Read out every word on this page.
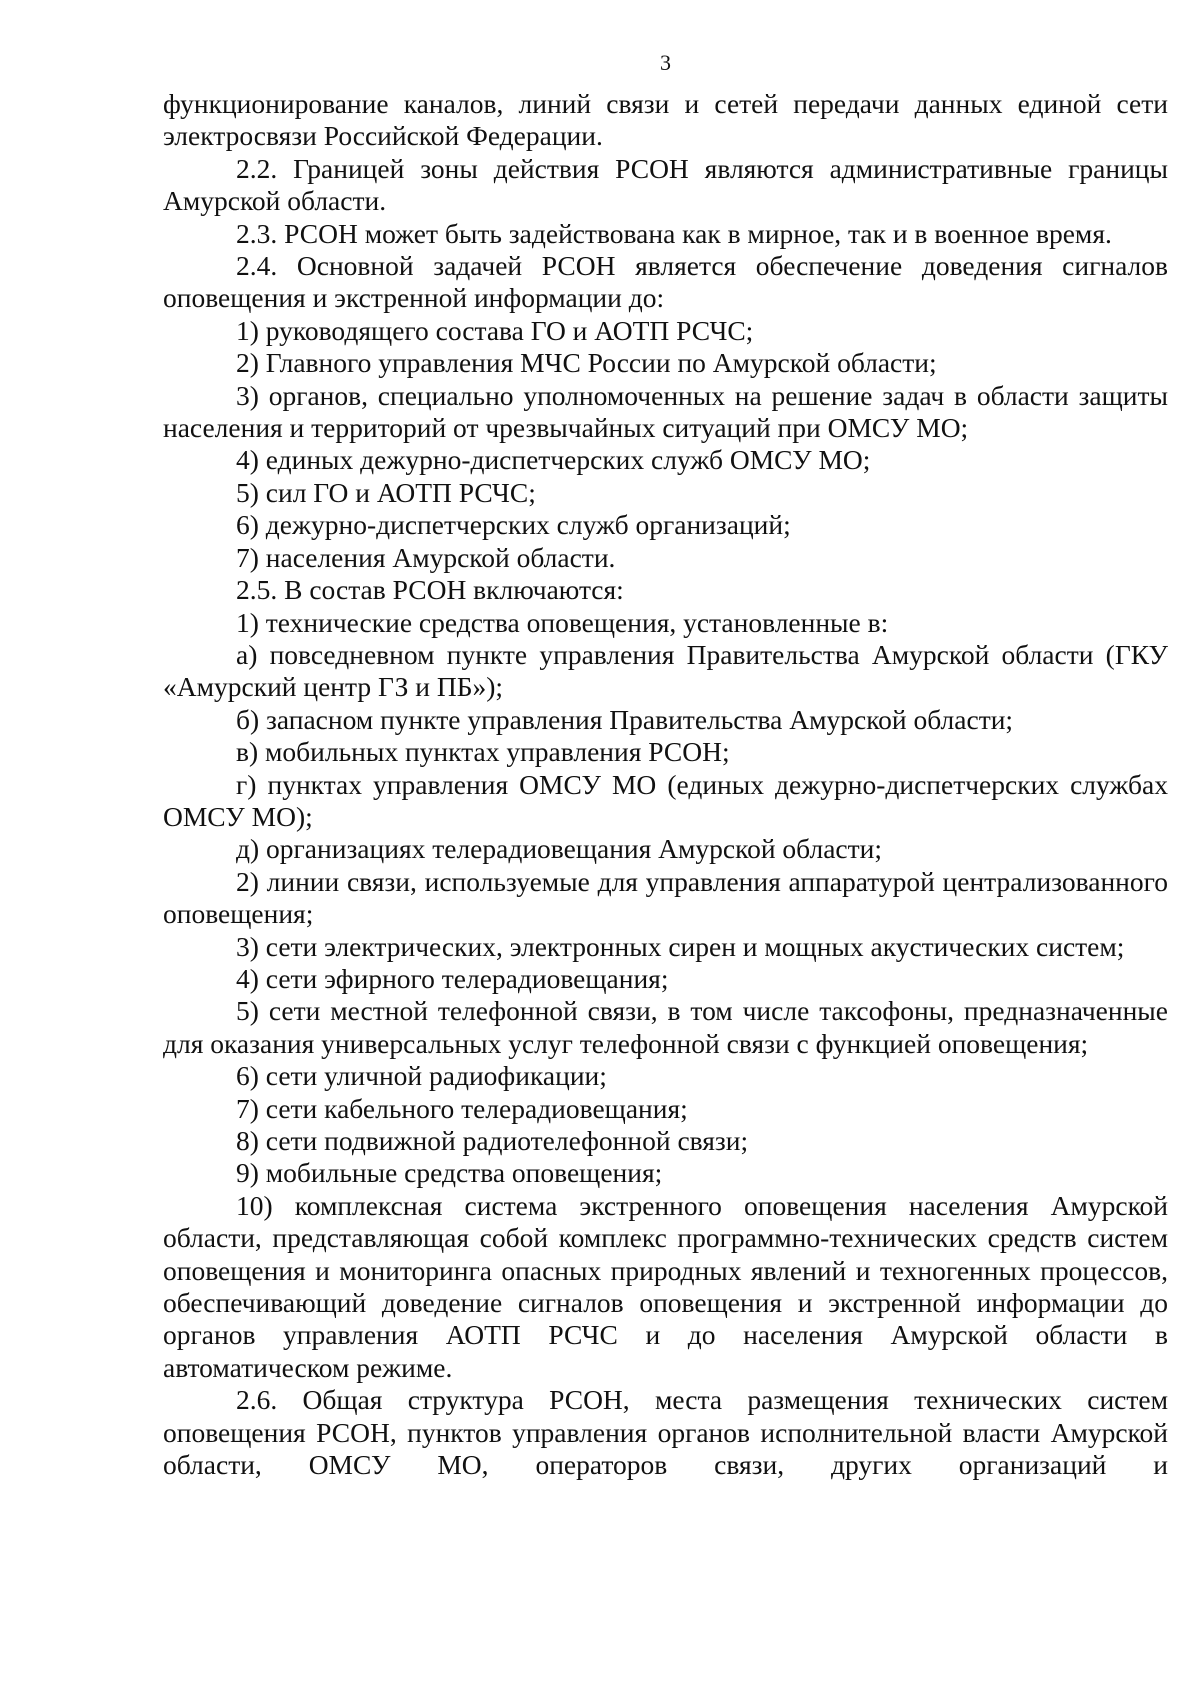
3

функционирование каналов, линий связи и сетей передачи данных единой сети электросвязи Российской Федерации.

2.2. Границей зоны действия РСОН являются административные границы Амурской области.

2.3. РСОН может быть задействована как в мирное, так и в военное время.

2.4. Основной задачей РСОН является обеспечение доведения сигналов оповещения и экстренной информации до:

1) руководящего состава ГО и АОТП РСЧС;

2) Главного управления МЧС России по Амурской области;

3) органов, специально уполномоченных на решение задач в области защиты населения и территорий от чрезвычайных ситуаций при ОМСУ МО;

4) единых дежурно-диспетчерских служб ОМСУ МО;

5) сил ГО и АОТП РСЧС;

6) дежурно-диспетчерских служб организаций;

7) населения Амурской области.

2.5. В состав РСОН включаются:

1) технические средства оповещения, установленные в:

а) повседневном пункте управления Правительства Амурской области (ГКУ «Амурский центр ГЗ и ПБ»);

б) запасном пункте управления Правительства Амурской области;

в) мобильных пунктах управления РСОН;

г) пунктах управления ОМСУ МО (единых дежурно-диспетчерских службах ОМСУ МО);

д) организациях телерадиовещания Амурской области;

2) линии связи, используемые для управления аппаратурой централизованного оповещения;

3) сети электрических, электронных сирен и мощных акустических систем;

4) сети эфирного телерадиовещания;

5) сети местной телефонной связи, в том числе таксофоны, предназначенные для оказания универсальных услуг телефонной связи с функцией оповещения;

6) сети уличной радиофикации;

7) сети кабельного телерадиовещания;

8) сети подвижной радиотелефонной связи;

9) мобильные средства оповещения;

10) комплексная система экстренного оповещения населения Амурской области, представляющая собой комплекс программно-технических средств систем оповещения и мониторинга опасных природных явлений и техногенных процессов, обеспечивающий доведение сигналов оповещения и экстренной информации до органов управления АОТП РСЧС и до населения Амурской области в автоматическом режиме.

2.6. Общая структура РСОН, места размещения технических систем оповещения РСОН, пунктов управления органов исполнительной власти Амурской области, ОМСУ МО, операторов связи, других организаций и
